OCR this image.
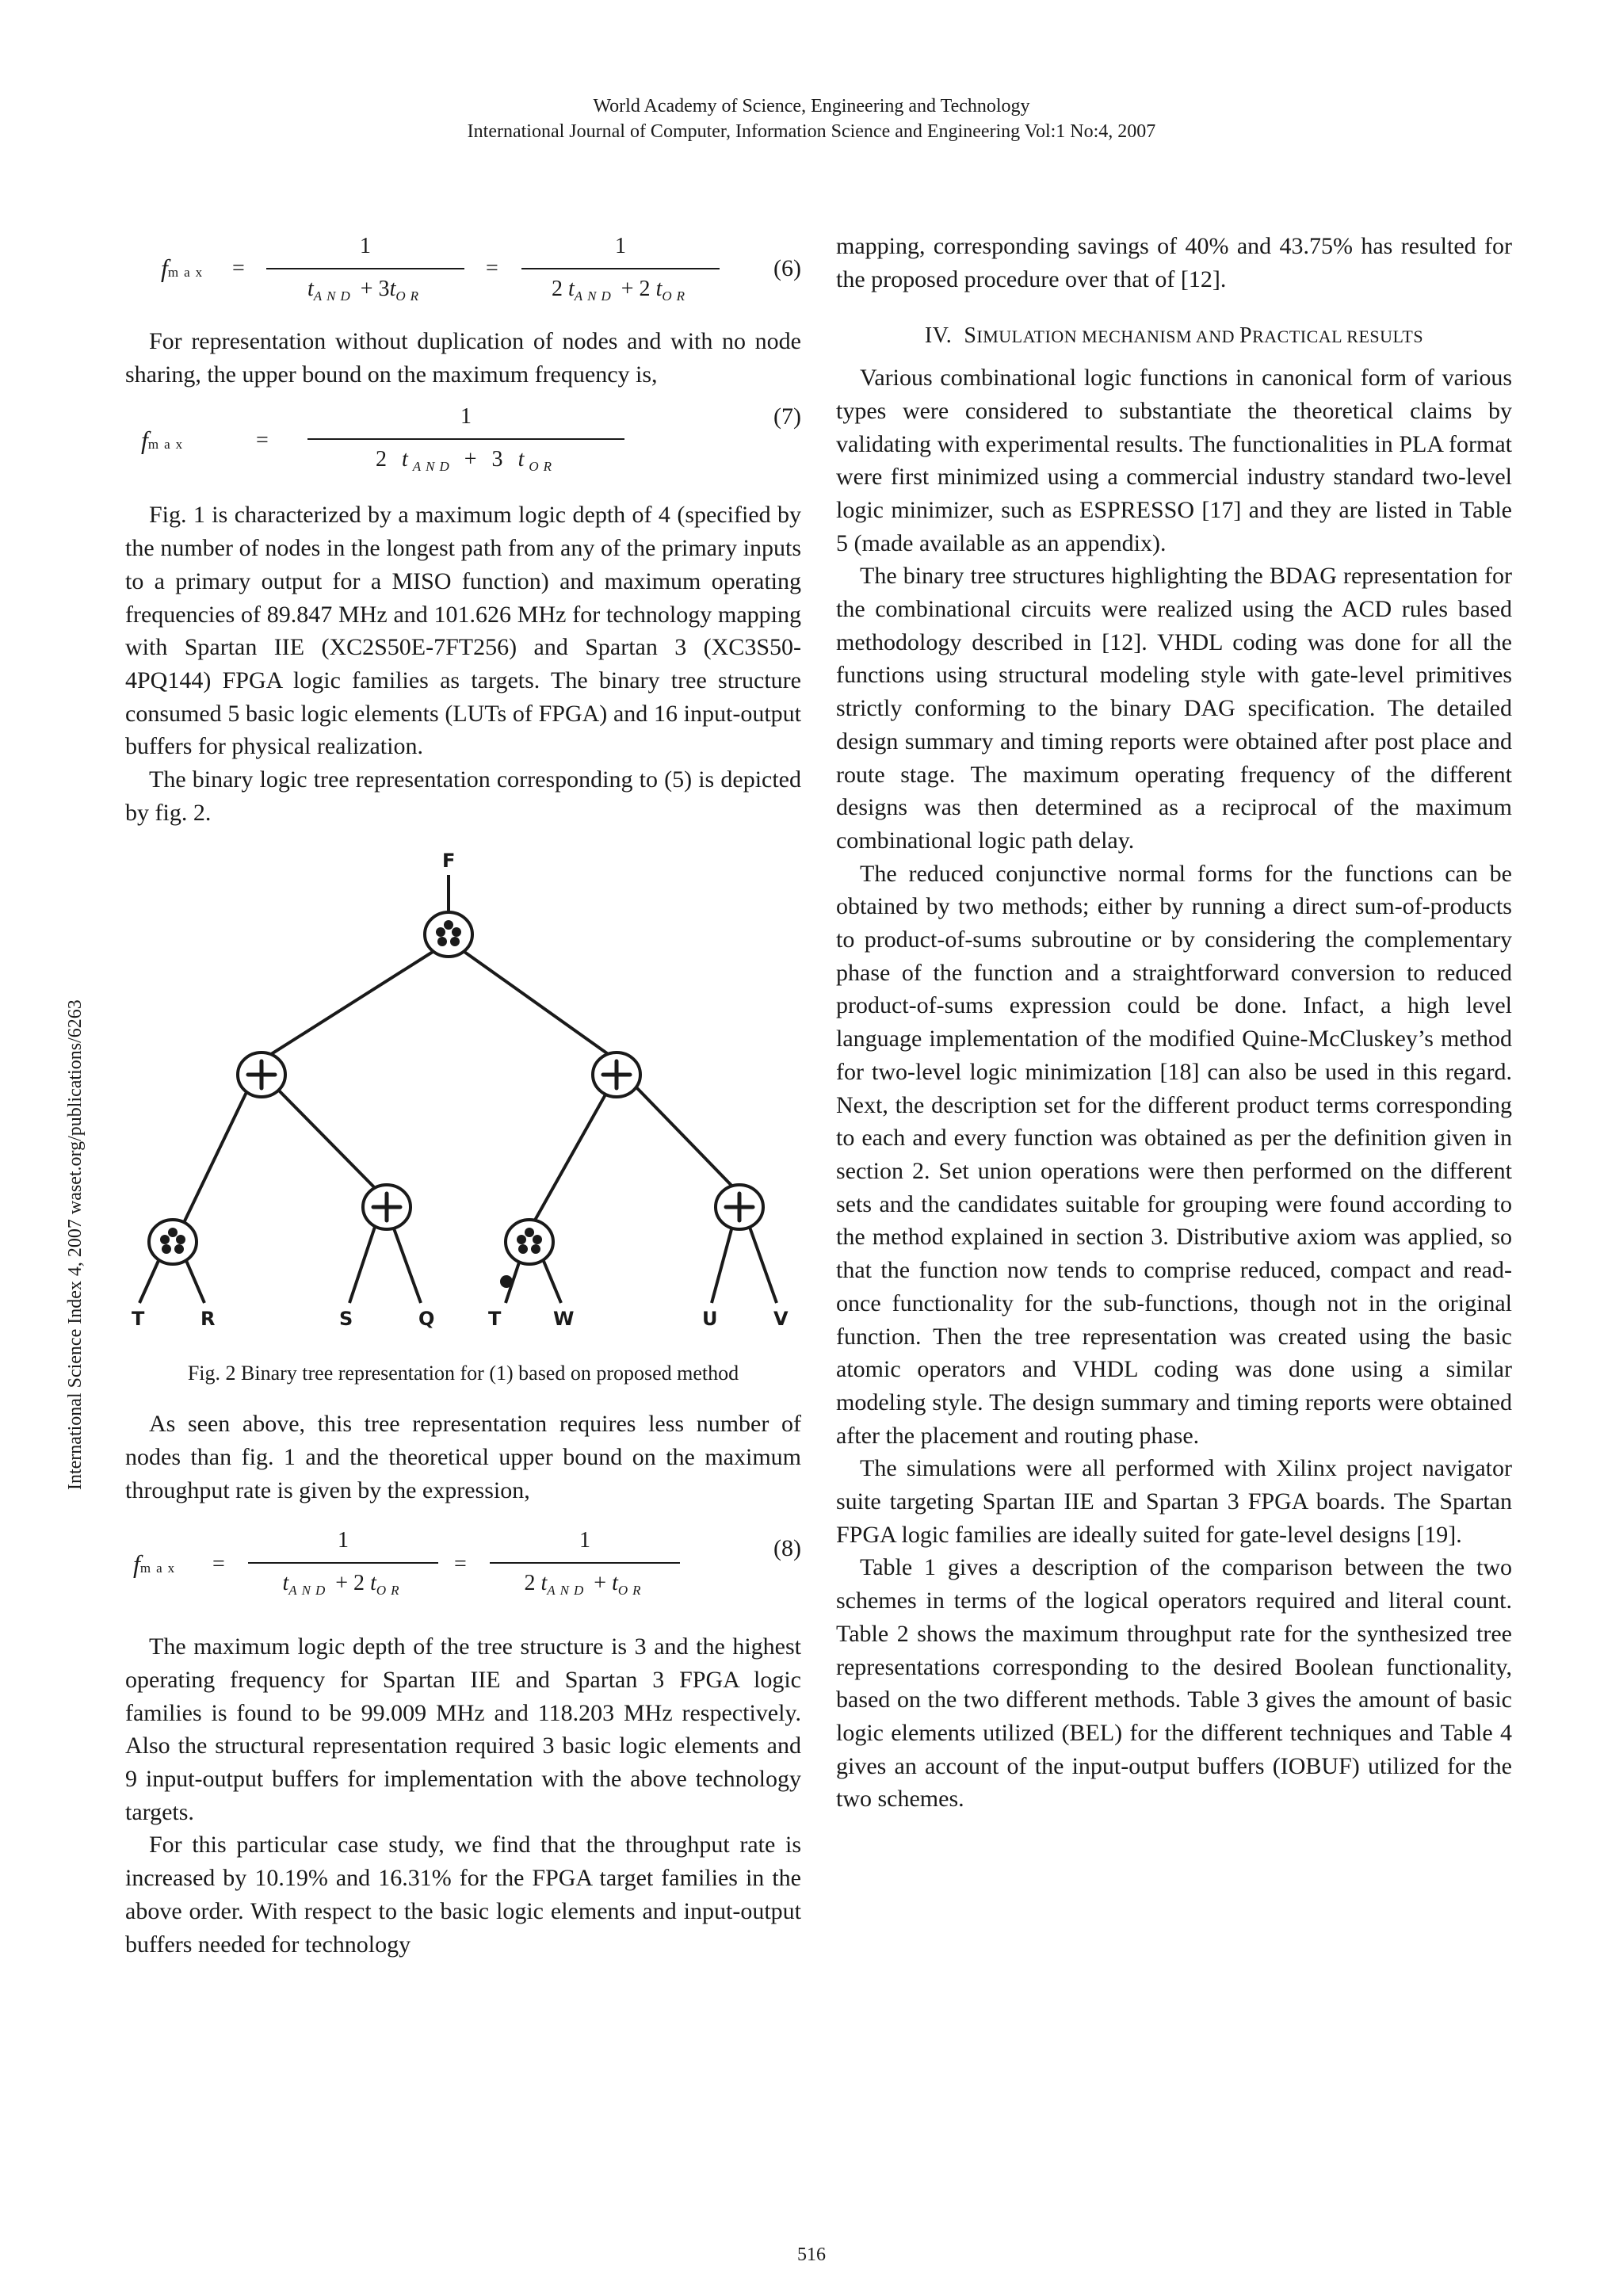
World Academy of Science, Engineering and Technology
International Journal of Computer, Information Science and Engineering Vol:1 No:4, 2007
International Science Index 4, 2007 waset.org/publications/6263
fmax =
1
$t_{AND} + 3t_{OR}$
=
1
2 $t_{AND} + 2$ $t_{OR}$
(6)

For representation without duplication of nodes and with no node sharing, the upper bound on the maximum frequency is,

fmax	=
1
2 $t_{AND} + 3$ $t_{OR}$
(7)

Fig. 1 is characterized by a maximum logic depth of 4 (specified by the number of nodes in the longest path from any of the primary inputs to a primary output for a MISO function) and maximum operating frequencies of 89.847 MHz and 101.626 MHz for technology mapping with Spartan IIE (XC2S50E-7FT256) and Spartan 3 (XC3S50-4PQ144) FPGA logic families as targets. The binary tree structure consumed 5 basic logic elements (LUTs of FPGA) and 16 input-output buffers for physical realization.

The binary logic tree representation corresponding to (5) is depicted by fig. 2.

F
T	R	S	Q	T	W	U	V
Fig. 2 Binary tree representation for (1) based on proposed method

As seen above, this tree representation requires less number of nodes than fig. 1 and the theoretical upper bound on the maximum throughput rate is given by the expression,

fmax =
1
$t_{AND} + 2$ $t_{OR}$
=
1
2 $t_{AND} + t_{OR}$
(8)

The maximum logic depth of the tree structure is 3 and the highest operating frequency for Spartan IIE and Spartan 3 FPGA logic families is found to be 99.009 MHz and 118.203 MHz respectively. Also the structural representation required 3 basic logic elements and 9 input-output buffers for implementation with the above technology targets.

For this particular case study, we find that the throughput rate is increased by 10.19% and 16.31% for the FPGA target families in the above order. With respect to the basic logic elements and input-output buffers needed for technology

mapping, corresponding savings of 40% and 43.75% has resulted for the proposed procedure over that of [12].

IV. SIMULATION MECHANISM AND PRACTICAL RESULTS

Various combinational logic functions in canonical form of various types were considered to substantiate the theoretical claims by validating with experimental results. The functionalities in PLA format were first minimized using a commercial industry standard two-level logic minimizer, such as ESPRESSO [17] and they are listed in Table 5 (made available as an appendix).

The binary tree structures highlighting the BDAG representation for the combinational circuits were realized using the ACD rules based methodology described in [12]. VHDL coding was done for all the functions using structural modeling style with gate-level primitives strictly conforming to the binary DAG specification. The detailed design summary and timing reports were obtained after post place and route stage. The maximum operating frequency of the different designs was then determined as a reciprocal of the maximum combinational logic path delay.

The reduced conjunctive normal forms for the functions can be obtained by two methods; either by running a direct sum-of-products to product-of-sums subroutine or by considering the complementary phase of the function and a straightforward conversion to reduced product-of-sums expression could be done. Infact, a high level language implementation of the modified Quine-McCluskey’s method for two-level logic minimization [18] can also be used in this regard. Next, the description set for the different product terms corresponding to each and every function was obtained as per the definition given in section 2. Set union operations were then performed on the different sets and the candidates suitable for grouping were found according to the method explained in section 3. Distributive axiom was applied, so that the function now tends to comprise reduced, compact and read-once functionality for the sub-functions, though not in the original function. Then the tree representation was created using the basic atomic operators and VHDL coding was done using a similar modeling style. The design summary and timing reports were obtained after the placement and routing phase.

The simulations were all performed with Xilinx project navigator suite targeting Spartan IIE and Spartan 3 FPGA boards. The Spartan FPGA logic families are ideally suited for gate-level designs [19].

Table 1 gives a description of the comparison between the two schemes in terms of the logical operators required and literal count. Table 2 shows the maximum throughput rate for the synthesized tree representations corresponding to the desired Boolean functionality, based on the two different methods. Table 3 gives the amount of basic logic elements utilized (BEL) for the different techniques and Table 4 gives an account of the input-output buffers (IOBUF) utilized for the two schemes.

516
